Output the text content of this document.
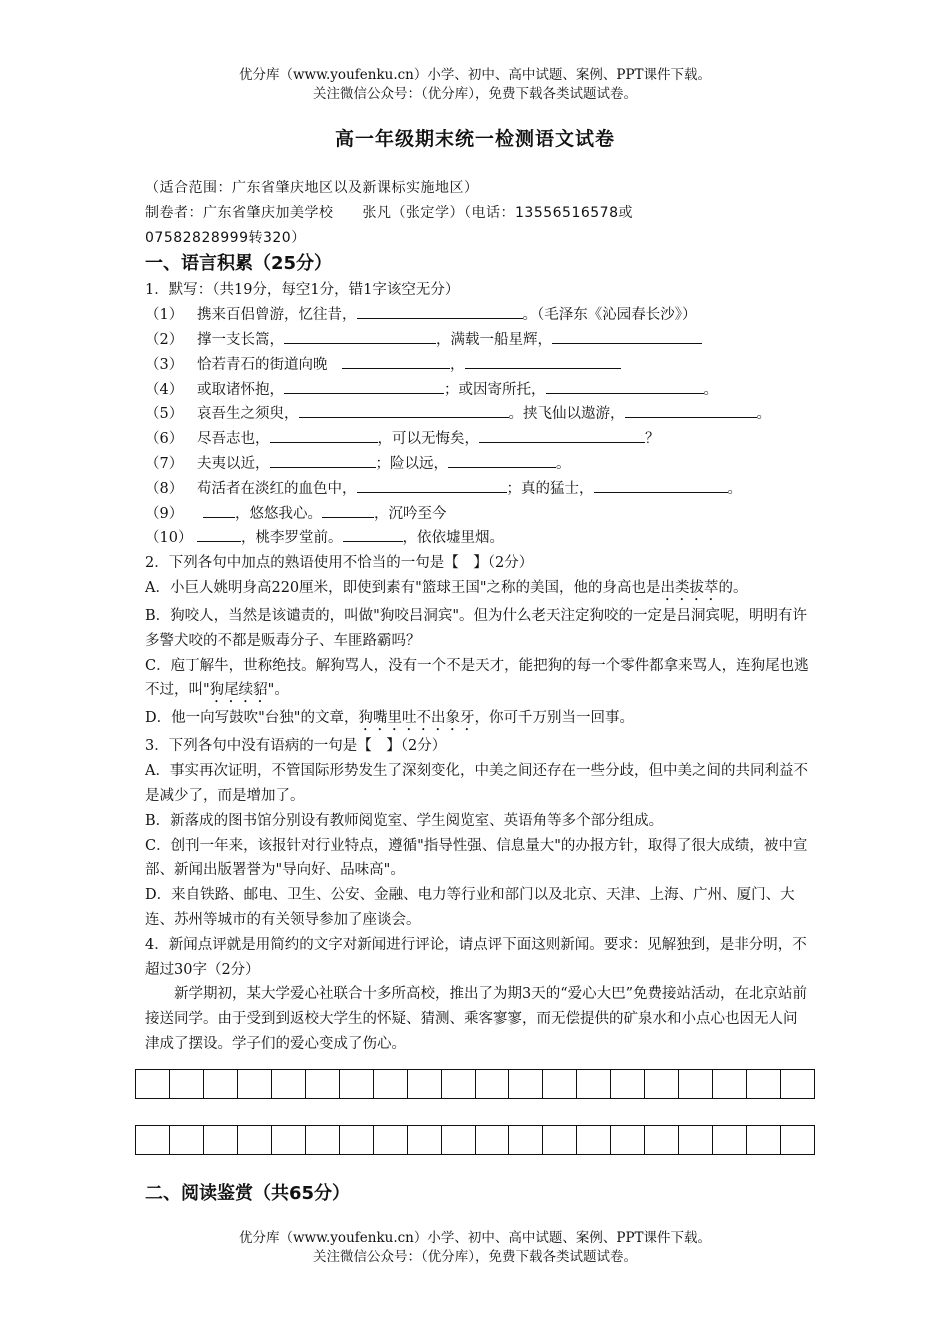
优分库（www.youfenku.cn）小学、初中、高中试题、案例、PPT课件下载。
关注微信公众号：（优分库），免费下载各类试题试卷。
高一年级期末统一检测语文试卷
（适合范围：广东省肇庆地区以及新课标实施地区）
制卷者：广东省肇庆加美学校　　张凡（张定学）（电话：13556516578或
07582828999转320）
一、语言积累（25分）
1．默写：（共19分，每空1分，错1字该空无分）
（1） 携来百侣曾游，忆往昔，	。（毛泽东《沁园春长沙》）
（2） 撑一支长篙，	，满载一船星辉，
（3） 恰若青石的街道向晚　	，
（4） 或取诸怀抱，	；或因寄所托，	。
（5） 哀吾生之须臾，	。挟飞仙以遨游，	。
（6） 尽吾志也，	，可以无悔矣，	？
（7） 夫夷以近，	；险以远，	。
（8） 苟活者在淡红的血色中，	；真的猛士，	。
（9）	，悠悠我心。	，沉吟至今
（10）	，桃李罗堂前。	，依依墟里烟。
2．下列各句中加点的熟语使用不恰当的一句是【　】（2分）
A．小巨人姚明身高220厘米，即使到素有"篮球王国"之称的美国，他的身高也是出类拔萃的。
B．狗咬人，当然是该谴责的，叫做"狗咬吕洞宾"。但为什么老天注定狗咬的一定是吕洞宾呢，明明有许多警犬咬的不都是贩毒分子、车匪路霸吗？
C．庖丁解牛，世称绝技。解狗骂人，没有一个不是天才，能把狗的每一个零件都拿来骂人，连狗尾也逃不过，叫"狗尾续貂"。
D．他一向写鼓吹"台独"的文章，狗嘴里吐不出象牙，你可千万别当一回事。
3．下列各句中没有语病的一句是【　】（2分）
A．事实再次证明，不管国际形势发生了深刻变化，中美之间还存在一些分歧，但中美之间的共同利益不是减少了，而是增加了。
B．新落成的图书馆分别设有教师阅览室、学生阅览室、英语角等多个部分组成。
C．创刊一年来，该报针对行业特点，遵循"指导性强、信息量大"的办报方针，取得了很大成绩，被中宣部、新闻出版署誉为"导向好、品味高"。
D．来自铁路、邮电、卫生、公安、金融、电力等行业和部门以及北京、天津、上海、广州、厦门、大连、苏州等城市的有关领导参加了座谈会。
4．新闻点评就是用简约的文字对新闻进行评论，请点评下面这则新闻。要求：见解独到，是非分明，不超过30字（2分）
新学期初，某大学爱心社联合十多所高校，推出了为期3天的“爱心大巴”免费接站活动，在北京站前接送同学。由于受到到返校大学生的怀疑、猜测、乘客寥寥，而无偿提供的矿泉水和小点心也因无人问津成了摆设。学子们的爱心变成了伤心。
二、阅读鉴赏（共65分）
优分库（www.youfenku.cn）小学、初中、高中试题、案例、PPT课件下载。
关注微信公众号：（优分库），免费下载各类试题试卷。
